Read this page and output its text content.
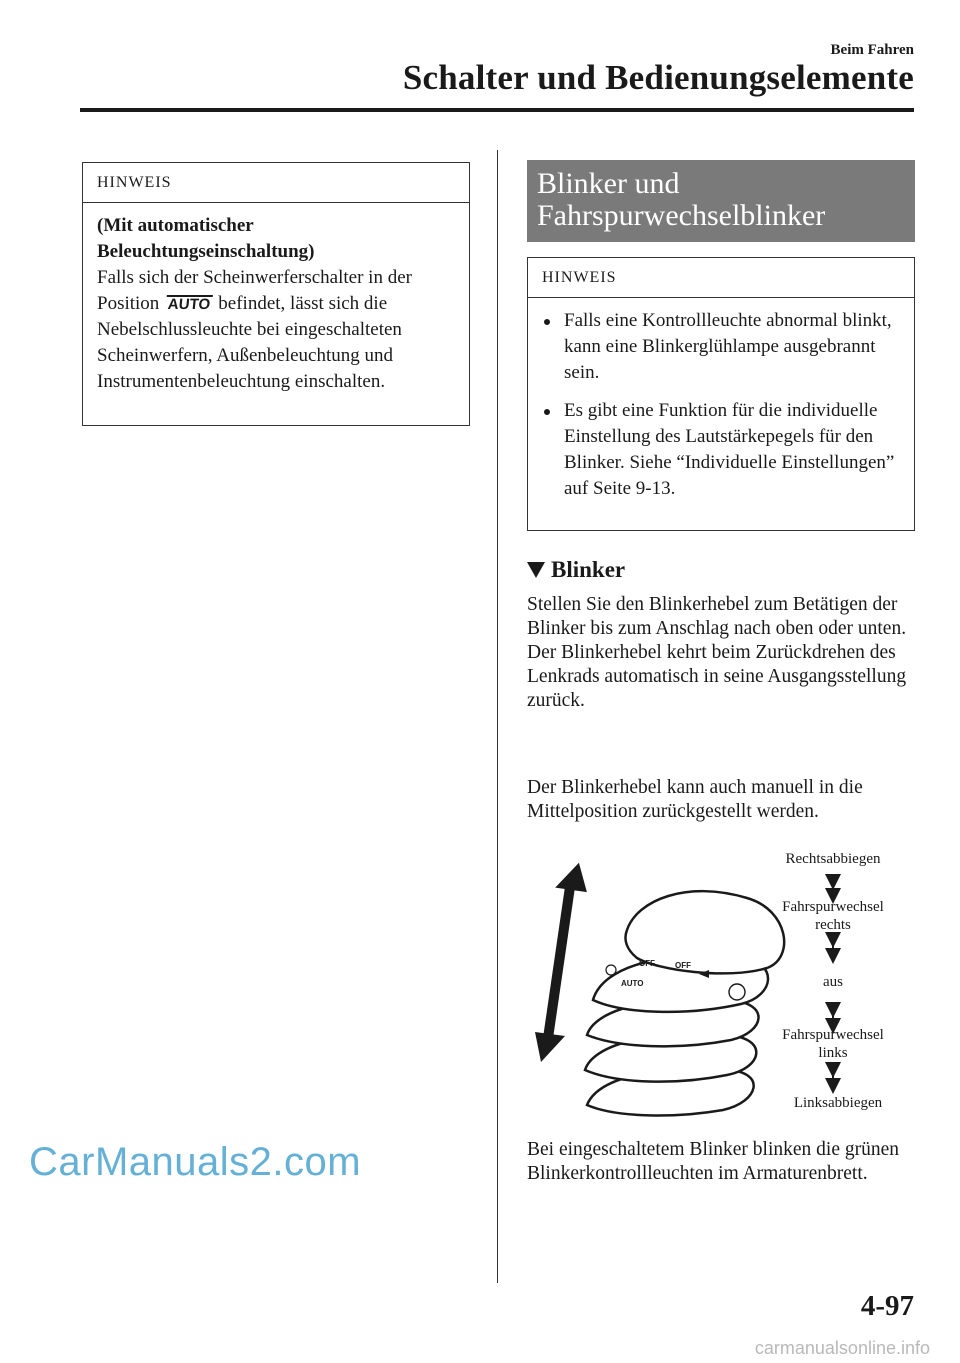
Beim Fahren
Schalter und Bedienungselemente
HINWEIS
(Mit automatischer Beleuchtungseinschaltung)
Falls sich der Scheinwerferschalter in der Position AUTO befindet, lässt sich die Nebelschlussleuchte bei eingeschalteten Scheinwerfern, Außenbeleuchtung und Instrumentenbeleuchtung einschalten.
Blinker und
Fahrspurwechselblinker
HINWEIS
Falls eine Kontrollleuchte abnormal blinkt, kann eine Blinkerglühlampe ausgebrannt sein.
Es gibt eine Funktion für die individuelle Einstellung des Lautstärkepegels für den Blinker. Siehe “Individuelle Einstellungen” auf Seite 9-13.
Blinker
Stellen Sie den Blinkerhebel zum Betätigen der Blinker bis zum Anschlag nach oben oder unten. Der Blinkerhebel kehrt beim Zurückdrehen des Lenkrads automatisch in seine Ausgangsstellung zurück.
Der Blinkerhebel kann auch manuell in die Mittelposition zurückgestellt werden.
OFF	OFF
AUTO
Rechtsabbiegen
Fahrspurwechsel
rechts
aus
Fahrspurwechsel
links
Linksabbiegen
Bei eingeschaltetem Blinker blinken die grünen Blinkerkontrollleuchten im Armaturenbrett.
CarManuals2.com
4-97
carmanualsonline.info
